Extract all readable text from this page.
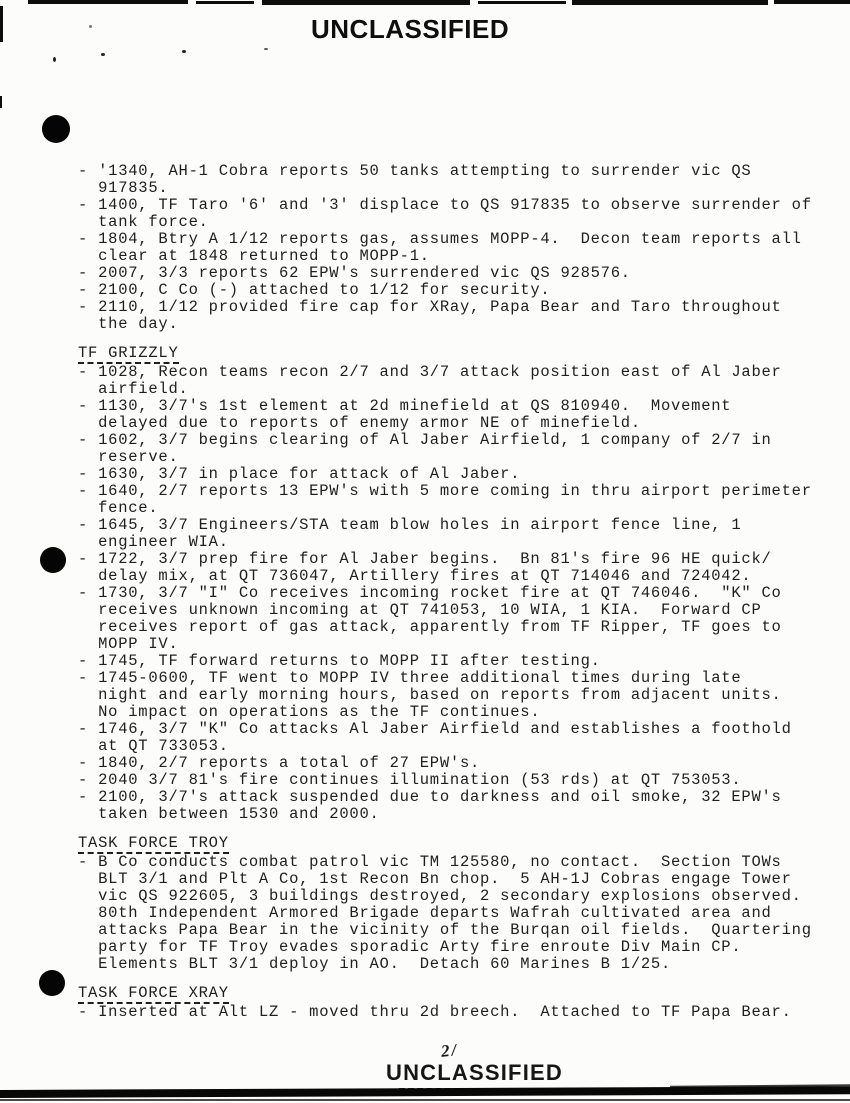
UNCLASSIFIED
- '1340, AH-1 Cobra reports 50 tanks attempting to surrender vic QS
917835.
- 1400, TF Taro '6' and '3' displace to QS 917835 to observe surrender of
tank force.
- 1804, Btry A 1/12 reports gas, assumes MOPP-4.  Decon team reports all
clear at 1848 returned to MOPP-1.
- 2007, 3/3 reports 62 EPW's surrendered vic QS 928576.
- 2100, C Co (-) attached to 1/12 for security.
- 2110, 1/12 provided fire cap for XRay, Papa Bear and Taro throughout
the day.
TF GRIZZLY
- 1028, Recon teams recon 2/7 and 3/7 attack position east of Al Jaber
airfield.
- 1130, 3/7's 1st element at 2d minefield at QS 810940.  Movement
delayed due to reports of enemy armor NE of minefield.
- 1602, 3/7 begins clearing of Al Jaber Airfield, 1 company of 2/7 in
reserve.
- 1630, 3/7 in place for attack of Al Jaber.
- 1640, 2/7 reports 13 EPW's with 5 more coming in thru airport perimeter
fence.
- 1645, 3/7 Engineers/STA team blow holes in airport fence line, 1
engineer WIA.
- 1722, 3/7 prep fire for Al Jaber begins.  Bn 81's fire 96 HE quick/
delay mix, at QT 736047, Artillery fires at QT 714046 and 724042.
- 1730, 3/7 "I" Co receives incoming rocket fire at QT 746046.  "K" Co
receives unknown incoming at QT 741053, 10 WIA, 1 KIA.  Forward CP
receives report of gas attack, apparently from TF Ripper, TF goes to
MOPP IV.
- 1745, TF forward returns to MOPP II after testing.
- 1745-0600, TF went to MOPP IV three additional times during late
night and early morning hours, based on reports from adjacent units.
No impact on operations as the TF continues.
- 1746, 3/7 "K" Co attacks Al Jaber Airfield and establishes a foothold
at QT 733053.
- 1840, 2/7 reports a total of 27 EPW's.
- 2040 3/7 81's fire continues illumination (53 rds) at QT 753053.
- 2100, 3/7's attack suspended due to darkness and oil smoke, 32 EPW's
taken between 1530 and 2000.
TASK FORCE TROY
- B Co conducts combat patrol vic TM 125580, no contact.  Section TOWs
BLT 3/1 and Plt A Co, 1st Recon Bn chop.  5 AH-1J Cobras engage Tower
vic QS 922605, 3 buildings destroyed, 2 secondary explosions observed.
80th Independent Armored Brigade departs Wafrah cultivated area and
attacks Papa Bear in the vicinity of the Burqan oil fields.  Quartering
party for TF Troy evades sporadic Arty fire enroute Div Main CP.
Elements BLT 3/1 deploy in AO.  Detach 60 Marines B 1/25.
TASK FORCE XRAY
- Inserted at Alt LZ - moved thru 2d breech.  Attached to TF Papa Bear.
2/
UNCLASSIFIED
